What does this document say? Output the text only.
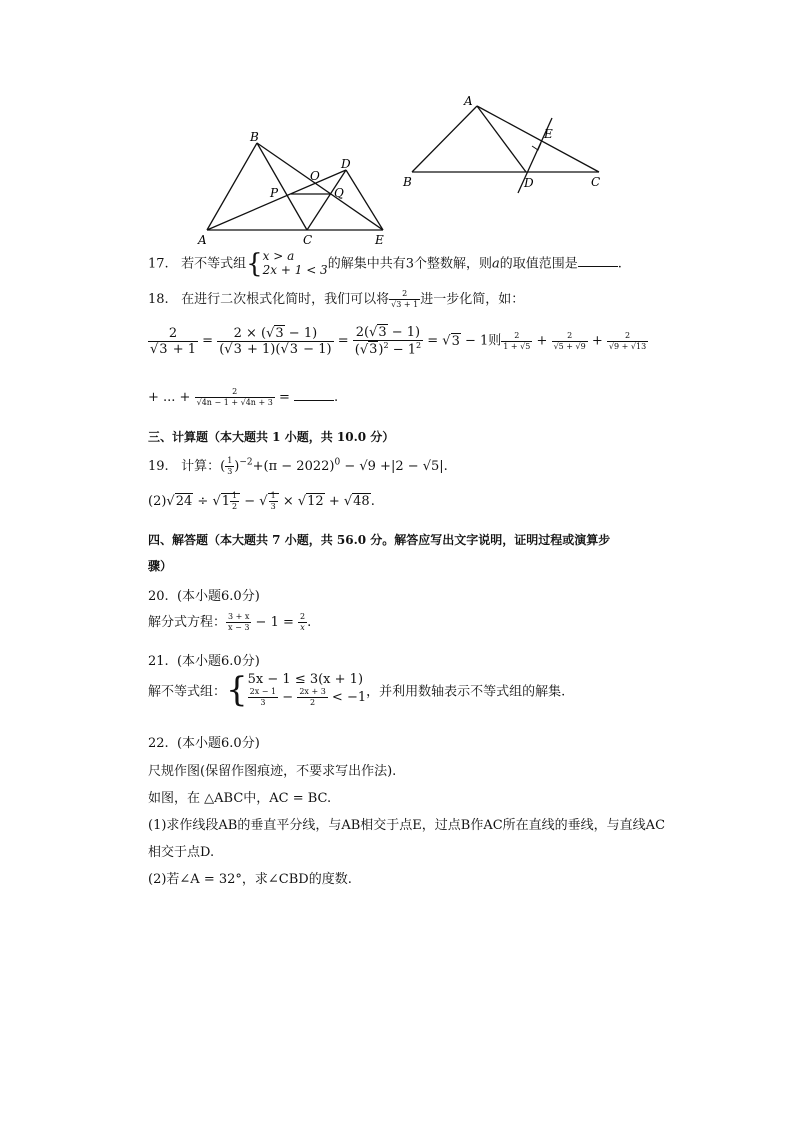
A
B
C
D
E
O
P	Q
A
B	C
D
E
17. 若不等式组{ x > a
2x + 1 < 3 的解集中共有3个整数解，则a的取值范围是	.
18. 在进行二次根式化简时，我们可以将 $\frac{2}{√3 + 1}$ 进一步化简，如：
$\frac{2}{√3 + 1} = \frac{2 \times (√3 - 1)}{(√3 + 1)(√3 - 1)} = \frac{2(√3 - 1)}{(√3)^2 - 1^2} = √3 - 1$则 $\frac{2}{1 + √5} + \frac{2}{√5 + √9} + \frac{2}{√9 + √13}$
+ ... + $\frac{2}{√4n - 1 + √4n + 3}$ =	.
三、计算题（本大题共 1 小题，共 10.0 分）
19. 计算：( $\frac{1}{3} )^{-2}+(\pi - 2022)^0 - √9 +|2 - √5|$.
$(2)√24 \div √1 \frac{1}{2}$ − √ $\frac{1}{3} \times √12 + √48$.
四、解答题（本大题共 7 小题，共 56.0 分。解答应写出文字说明，证明过程或演算步
骤）
20. (本小题6.0分)
解分式方程： $\frac{3 + x}{x - 3} - 1 = \frac{2}{x}$ .
21. (本小题6.0分)
解不等式组：{ 5x − 1 ≤ 3(x + 1)
$\frac{2x - 1}{3} - \frac{2x + 3}{2} < -1$ ，并利用数轴表示不等式组的解集.
22. (本小题6.0分)
尺规作图(保留作图痕迹，不要求写出作法).
如图，在 △ABC中，AC = BC.
(1)求作线段AB的垂直平分线，与AB相交于点E，过点B作AC所在直线的垂线，与直线AC
相交于点D.
(2)若∠A = 32°，求∠CBD的度数.
